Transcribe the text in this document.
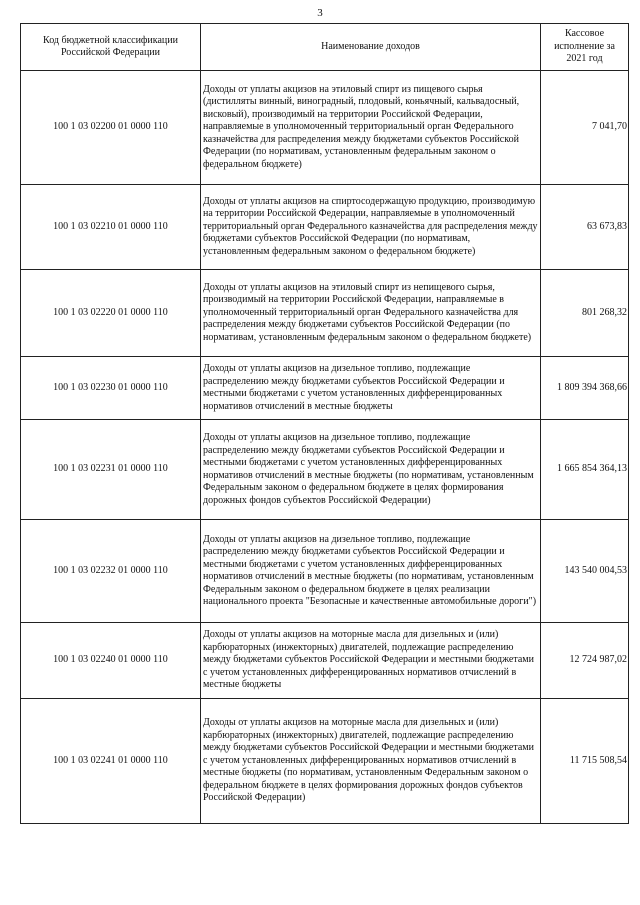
3
Код бюджетной классификации Российской Федерации	Наименование доходов	Кассовое исполнение за 2021 год
100 1 03 02200 01 0000 110	Доходы от уплаты акцизов на этиловый спирт из пищевого сырья (дистилляты винный, виноградный, плодовый, коньячный, кальвадосный, висковый), производимый на территории Российской Федерации, направляемые в уполномоченный территориальный орган Федерального казначейства для распределения между бюджетами субъектов Российской Федерации (по нормативам, установленным федеральным законом о федеральном бюджете)	7 041,70
100 1 03 02210 01 0000 110	Доходы от уплаты акцизов на спиртосодержащую продукцию, производимую на территории Российской Федерации, направляемые в уполномоченный территориальный орган Федерального казначейства для распределения между бюджетами субъектов Российской Федерации (по нормативам, установленным федеральным законом о федеральном бюджете)	63 673,83
100 1 03 02220 01 0000 110	Доходы от уплаты акцизов на этиловый спирт из непищевого сырья, производимый на территории Российской Федерации, направляемые в уполномоченный территориальный орган Федерального казначейства для распределения между бюджетами субъектов Российской Федерации (по нормативам, установленным федеральным законом о федеральном бюджете)	801 268,32
100 1 03 02230 01 0000 110	Доходы от уплаты акцизов на дизельное топливо, подлежащие распределению между бюджетами субъектов Российской Федерации и местными бюджетами с учетом установленных дифференцированных нормативов отчислений в местные бюджеты	1 809 394 368,66
100 1 03 02231 01 0000 110	Доходы от уплаты акцизов на дизельное топливо, подлежащие распределению между бюджетами субъектов Российской Федерации и местными бюджетами с учетом установленных дифференцированных нормативов отчислений в местные бюджеты (по нормативам, установленным Федеральным законом о федеральном бюджете в целях формирования дорожных фондов субъектов Российской Федерации)	1 665 854 364,13
100 1 03 02232 01 0000 110	Доходы от уплаты акцизов на дизельное топливо, подлежащие распределению между бюджетами субъектов Российской Федерации и местными бюджетами с учетом установленных дифференцированных нормативов отчислений в местные бюджеты (по нормативам, установленным Федеральным законом о федеральном бюджете в целях реализации национального проекта "Безопасные и качественные автомобильные дороги")	143 540 004,53
100 1 03 02240 01 0000 110	Доходы от уплаты акцизов на моторные масла для дизельных и (или) карбюраторных (инжекторных) двигателей, подлежащие распределению между бюджетами субъектов Российской Федерации и местными бюджетами с учетом установленных дифференцированных нормативов отчислений в местные бюджеты	12 724 987,02
100 1 03 02241 01 0000 110	Доходы от уплаты акцизов на моторные масла для дизельных и (или) карбюраторных (инжекторных) двигателей, подлежащие распределению между бюджетами субъектов Российской Федерации и местными бюджетами с учетом установленных дифференцированных нормативов отчислений в местные бюджеты (по нормативам, установленным Федеральным законом о федеральном бюджете в целях формирования дорожных фондов субъектов Российской Федерации)	11 715 508,54
